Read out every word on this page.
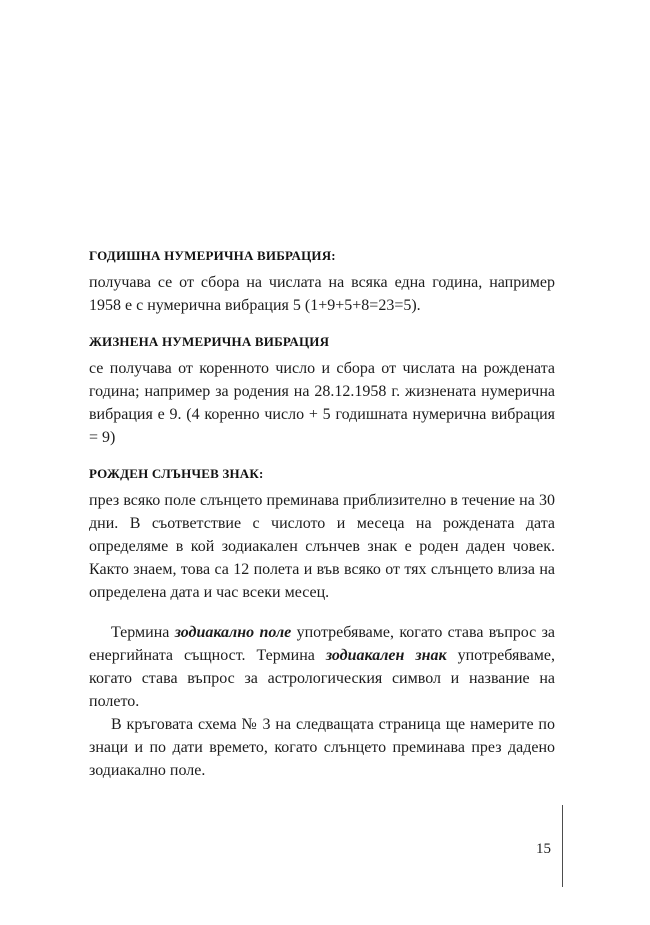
ГОДИШНА НУМЕРИЧНА ВИБРАЦИЯ:

получава се от сбора на числата на всяка една година, например 1958 е с нумерична вибрация 5 (1+9+5+8=23=5).

ЖИЗНЕНА НУМЕРИЧНА ВИБРАЦИЯ

се получава от коренното число и сбора от числата на рождената година; например за родения на 28.12.1958 г. жизнената нумерична вибрация е 9. (4 коренно число + 5 годишната нумерична вибрация = 9)

РОЖДЕН СЛЪНЧЕВ ЗНАК:

през всяко поле слънцето преминава приблизително в течение на 30 дни. В съответствие с числото и месеца на рождената дата определяме в кой зодиакален слънчев знак е роден даден човек. Както знаем, това са 12 полета и във всяко от тях слънцето влиза на определена дата и час всеки месец.

Термина зодиакално поле употребяваме, когато става въпрос за енергийната същност. Термина зодиакален знак употребяваме, когато става въпрос за астрологическия символ и название на полето.

В кръговата схема № 3 на следващата страница ще намерите по знаци и по дати времето, когато слънцето преминава през дадено зодиакално поле.

15
